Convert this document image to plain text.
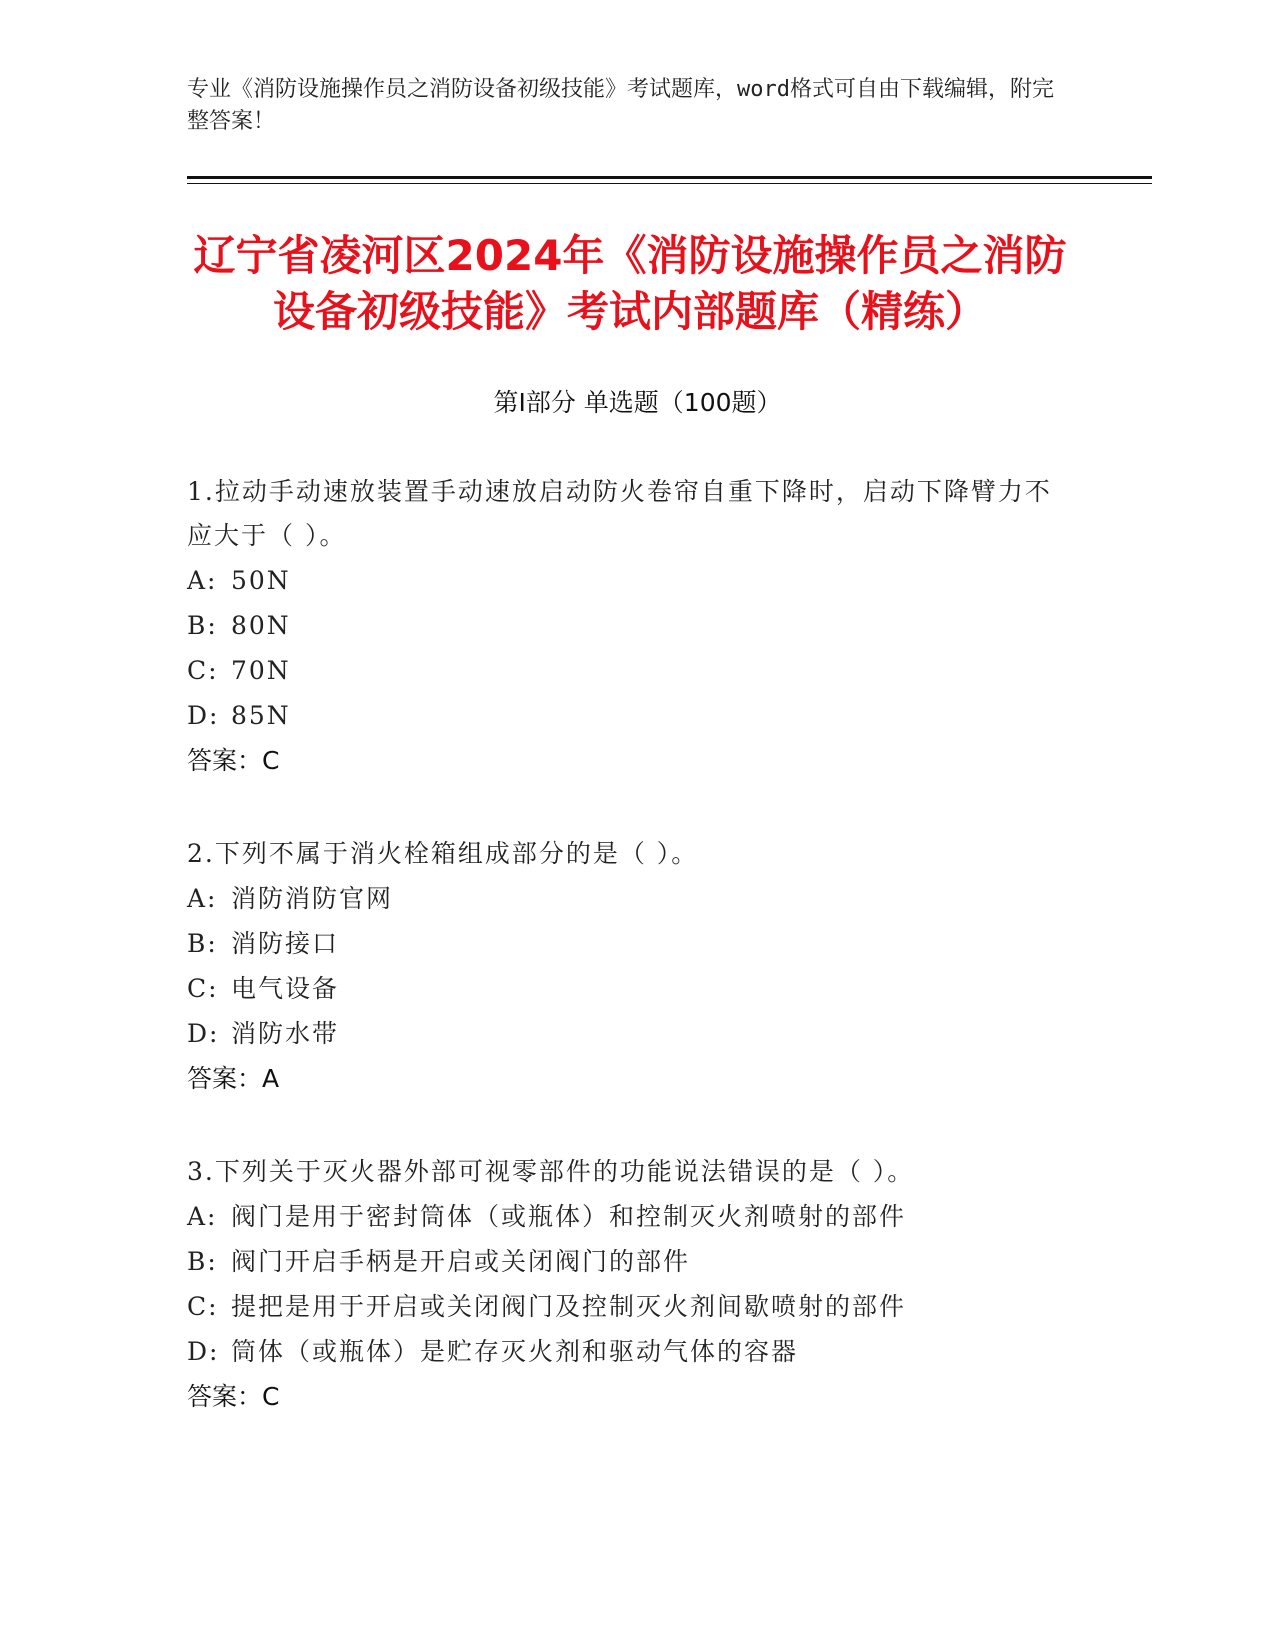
专业《消防设施操作员之消防设备初级技能》考试题库，word格式可自由下载编辑，附完整答案！
辽宁省凌河区2024年《消防设施操作员之消防设备初级技能》考试内部题库（精练）
第Ⅰ部分 单选题（100题）
1.拉动手动速放装置手动速放启动防火卷帘自重下降时，启动下降臂力不应大于（ ）。
A: 50N
B: 80N
C: 70N
D: 85N
答案：C
2.下列不属于消火栓箱组成部分的是（ ）。
A: 消防消防官网
B: 消防接口
C: 电气设备
D: 消防水带
答案：A
3.下列关于灭火器外部可视零部件的功能说法错误的是（ ）。
A: 阀门是用于密封筒体（或瓶体）和控制灭火剂喷射的部件
B: 阀门开启手柄是开启或关闭阀门的部件
C: 提把是用于开启或关闭阀门及控制灭火剂间歇喷射的部件
D: 筒体（或瓶体）是贮存灭火剂和驱动气体的容器
答案：C
